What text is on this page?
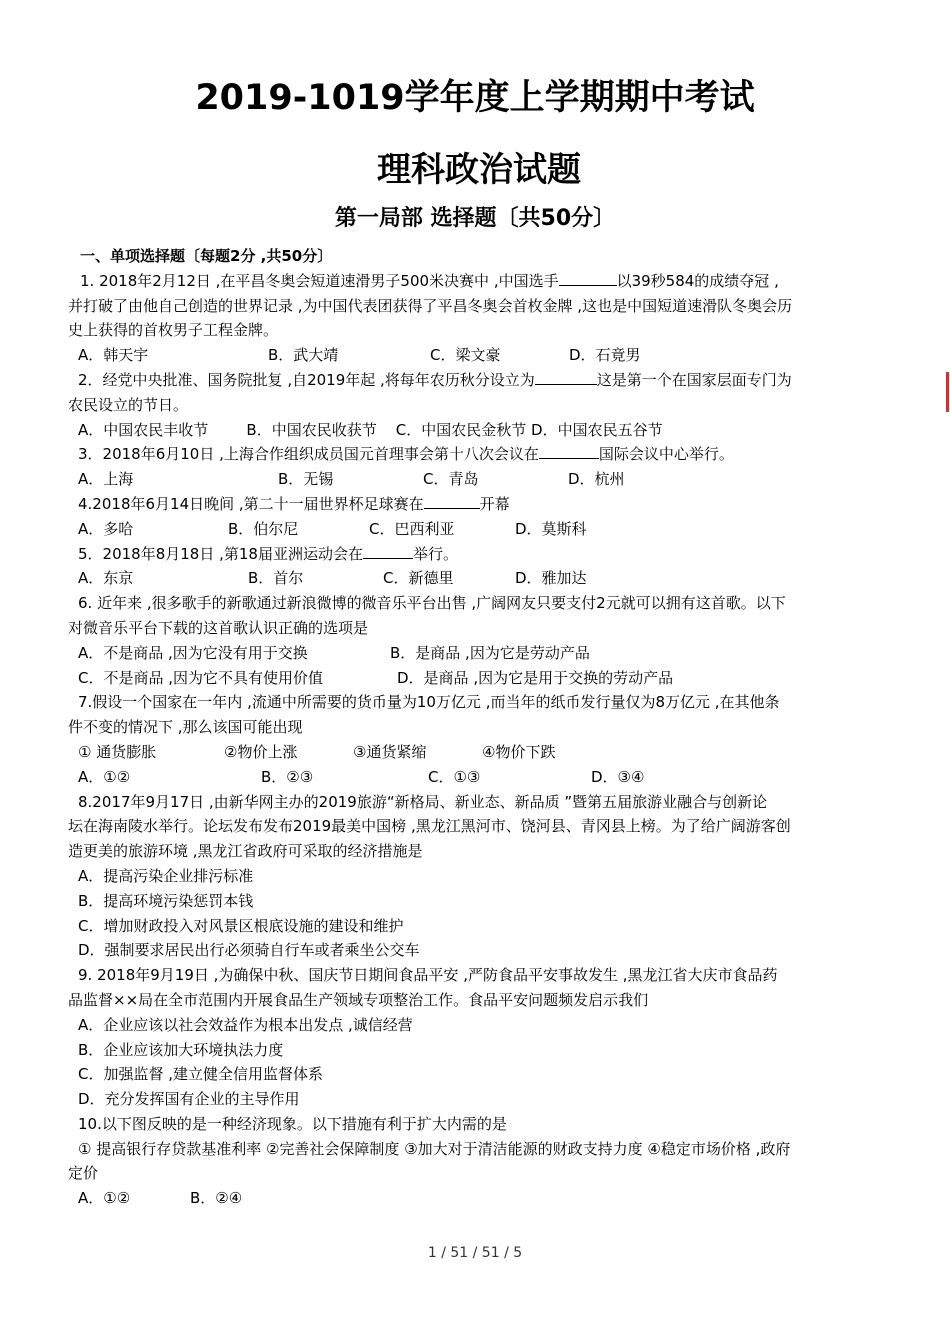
2019-1019学年度上学期期中考试
理科政治试题
第一局部 选择题〔共50分〕
一、单项选择题〔每题2分 ,共50分〕
1. 2018年2月12日 ,在平昌冬奥会短道速滑男子500米决赛中 ,中国选手	以39秒584的成绩夺冠 ,
并打破了由他自己创造的世界记录 ,为中国代表团获得了平昌冬奥会首枚金牌 ,这也是中国短道速滑队冬奥会历
史上获得的首枚男子工程金牌。
A．韩天宇	B．武大靖	C．梁文豪	D．石竟男
2．经党中央批准、国务院批复 ,自2019年起 ,将每年农历秋分设立为	这是第一个在国家层面专门为
农民设立的节日。
A．中国农民丰收节        B．中国农民收获节    C．中国农民金秋节 D．中国农民五谷节
3．2018年6月10日 ,上海合作组织成员国元首理事会第十八次会议在	国际会议中心举行。
A．上海	B．无锡	C．青岛	D．杭州
4.2018年6月14日晚间 ,第二十一届世界杯足球赛在	开幕
A．多哈	B．伯尔尼	C．巴西利亚	D．莫斯科
5．2018年8月18日 ,第18届亚洲运动会在	举行。
A．东京	B．首尔	C．新德里	D．雅加达
6. 近年来 ,很多歌手的新歌通过新浪微博的微音乐平台出售 ,广阔网友只要支付2元就可以拥有这首歌。以下
对微音乐平台下载的这首歌认识正确的选项是
A．不是商品 ,因为它没有用于交换	B．是商品 ,因为它是劳动产品
C．不是商品 ,因为它不具有使用价值	D．是商品 ,因为它是用于交换的劳动产品
7.假设一个国家在一年内 ,流通中所需要的货币量为10万亿元 ,而当年的纸币发行量仅为8万亿元 ,在其他条
件不变的情况下 ,那么该国可能出现
① 通货膨胀	②物价上涨	③通货紧缩	④物价下跌
A．①②	B．②③	C．①③	D．③④
8.2017年9月17日 ,由新华网主办的2019旅游“新格局、新业态、新品质 ”暨第五届旅游业融合与创新论
坛在海南陵水举行。论坛发布发布2019最美中国榜 ,黑龙江黑河市、饶河县、青冈县上榜。为了给广阔游客创
造更美的旅游环境 ,黑龙江省政府可采取的经济措施是
A．提高污染企业排污标准
B．提高环境污染惩罚本钱
C．增加财政投入对风景区根底设施的建设和维护
D．强制要求居民出行必须骑自行车或者乘坐公交车
9. 2018年9月19日 ,为确保中秋、国庆节日期间食品平安 ,严防食品平安事故发生 ,黑龙江省大庆市食品药
品监督××局在全市范围内开展食品生产领域专项整治工作。食品平安问题频发启示我们
A．企业应该以社会效益作为根本出发点 ,诚信经营
B．企业应该加大环境执法力度
C．加强监督 ,建立健全信用监督体系
D．充分发挥国有企业的主导作用
10.以下图反映的是一种经济现象。以下措施有利于扩大内需的是
① 提高银行存贷款基准利率 ②完善社会保障制度 ③加大对于清洁能源的财政支持力度 ④稳定市场价格 ,政府
定价
A．①②	B．②④
1 / 51 / 51 / 5
